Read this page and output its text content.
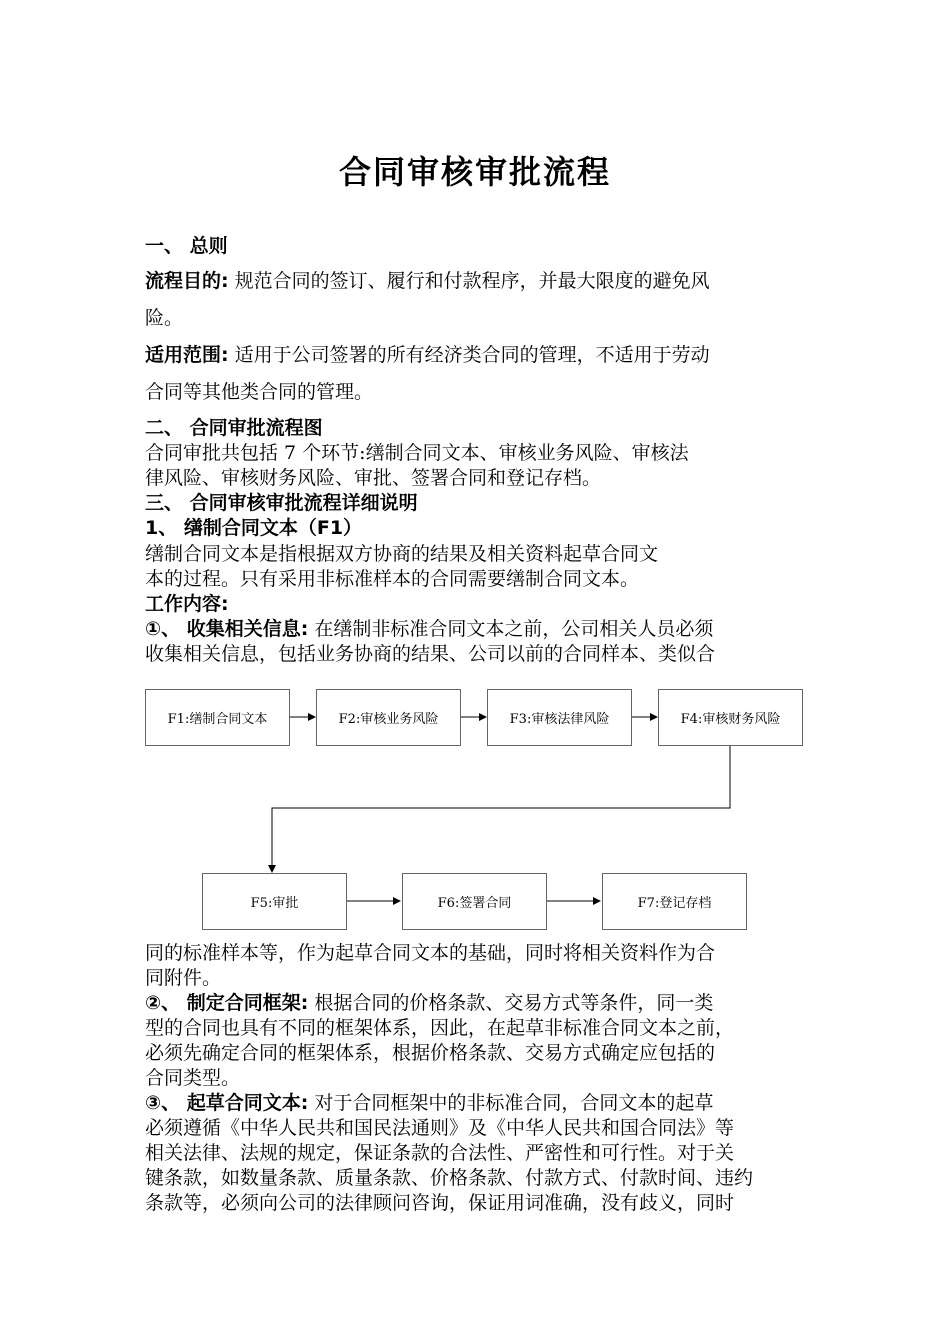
合同审核审批流程
一、 总则
流程目的: 规范合同的签订、履行和付款程序，并最大限度的避免风
险。
适用范围: 适用于公司签署的所有经济类合同的管理，不适用于劳动
合同等其他类合同的管理。
二、 合同审批流程图
合同审批共包括 7 个环节:缮制合同文本、审核业务风险、审核法
律风险、审核财务风险、审批、签署合同和登记存档。
三、 合同审核审批流程详细说明
1、 缮制合同文本（F1）
缮制合同文本是指根据双方协商的结果及相关资料起草合同文
本的过程。只有采用非标准样本的合同需要缮制合同文本。
工作内容:
①、 收集相关信息: 在缮制非标准合同文本之前，公司相关人员必须
收集相关信息，包括业务协商的结果、公司以前的合同样本、类似合
F1:缮制合同文本	F2:审核业务风险	F3:审核法律风险	F4:审核财务风险
F5:审批	F6:签署合同	F7:登记存档
同的标准样本等，作为起草合同文本的基础，同时将相关资料作为合
同附件。
②、 制定合同框架: 根据合同的价格条款、交易方式等条件，同一类
型的合同也具有不同的框架体系，因此，在起草非标准合同文本之前，
必须先确定合同的框架体系，根据价格条款、交易方式确定应包括的
合同类型。
③、 起草合同文本: 对于合同框架中的非标准合同，合同文本的起草
必须遵循《中华人民共和国民法通则》及《中华人民共和国合同法》等
相关法律、法规的规定，保证条款的合法性、严密性和可行性。对于关
键条款，如数量条款、质量条款、价格条款、付款方式、付款时间、违约
条款等，必须向公司的法律顾问咨询，保证用词准确，没有歧义，同时
